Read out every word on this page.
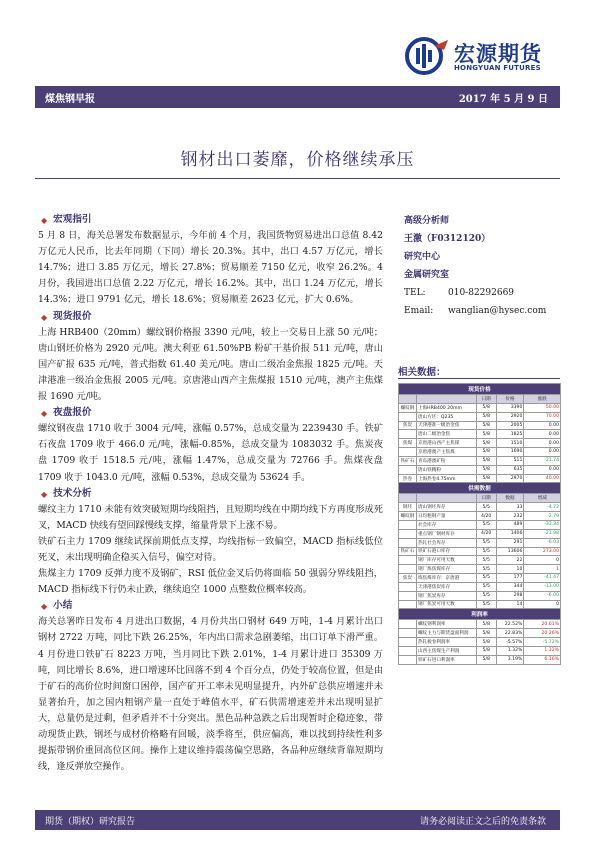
宏源期货
HONGYUAN FUTURES
煤焦钢早报	2017 年 5 月 9 日
钢材出口萎靡，价格继续承压
◆ 宏观指引

5 月 8 日，海关总署发布数据显示，今年前 4 个月，我国货物贸易进出口总值 8.42 万亿元人民币，比去年同期（下同）增长 20.3%。其中，出口 4.57 万亿元，增长 14.7%；进口 3.85 万亿元，增长 27.8%；贸易顺差 7150 亿元，收窄 26.2%。4 月份，我国进出口总值 2.22 万亿元，增长 16.2%。其中，出口 1.24 万亿元，增长 14.3%；进口 9791 亿元，增长 18.6%；贸易顺差 2623 亿元，扩大 0.6%。

◆ 现货报价

上海 HRB400（20mm）螺纹钢价格报 3390 元/吨，较上一交易日上涨 50 元/吨；唐山钢坯价格为 2920 元/吨。澳大利亚 61.50%PB 粉矿干基价报 511 元/吨，唐山国产矿报 635 元/吨，普式指数 61.40 美元/吨。唐山二级冶金焦报 1825 元/吨。天津港准一级冶金焦报 2005 元/吨。京唐港山西产主焦煤报 1510 元/吨，澳产主焦煤报 1690 元/吨。

◆ 夜盘报价

螺纹钢夜盘 1710 收于 3004 元/吨，涨幅 0.57%，总成交量为 2239430 手。铁矿石夜盘 1709 收于 466.0 元/吨，涨幅-0.85%，总成交量为 1083032 手。焦炭夜盘 1709 收于 1518.5 元/吨，涨幅 1.47%，总成交量为 72766 手。焦煤夜盘 1709 收于 1043.0 元/吨，涨幅 0.53%，总成交量为 53624 手。

◆ 技术分析

螺纹主力 1710 未能有效突破短期均线阻挡，且短期均线在中期均线下方再度形成死叉，MACD 快线有望回踩慢线支撑，缩量背景下上涨不易。

铁矿石主力 1709 继续试探前期低点支撑，均线指标一致偏空，MACD 指标线低位死叉，未出现明确企稳买入信号，偏空对待。

焦煤主力 1709 反弹力度不及钢矿，RSI 低位金叉后仍将面临 50 强弱分界线阻挡，MACD 指标线下行仍未止跌，继续追空 1000 点整数位概率较高。

◆ 小结

海关总署昨日发布 4 月进出口数据，4 月份共出口钢材 649 万吨，1-4 月累计出口钢材 2722 万吨，同比下跌 26.25%，年内出口需求急剧萎缩，出口订单下滑严重。4 月份进口铁矿石 8223 万吨，当月同比下跌 2.01%，1-4 月累计进口 35309 万吨，同比增长 8.6%，进口增速环比回落不到 4 个百分点，仍处于较高位置，但是由于矿石的高价位时间窗口困停，国产矿开工率未见明显提升，内外矿总供应增速并未显著抬升，加之国内粗钢产量一直处于峰值水平，矿石供需增速差并未出现明显扩大，总量仍是过剩，但矛盾并不十分突出。黑色品种急跌之后出现暂时企稳迹象，带动现货止跌，钢坯与成材价格略有回暖，淡季将至，供应偏高，难以找到持续性利多提振带钢价重回高位区间。操作上建议维持震荡偏空思路，各品种应继续背靠短期均线，逢反弹放空操作。

高级分析师
王激（F0312120）
研究中心
金属研究室
TEL:	010-82292669
Email:	wanglian@hysec.com
相关数据：
现货价格				
		日期	价格	涨跌
螺纹钢	上海HRB400 20mm	5/8	3390	50.00
	唐山方坯：Q235	5/8	2920	70.00
焦炭	天津港准一级冶金焦	5/8	2005	0.00
	唐山二级冶金焦	5/8	1825	0.00
焦煤	京唐港山西产主焦煤	5/8	1510	0.00
	京唐港澳产主焦煤	5/8	1690	0.00
铁矿石	青岛港澳矿粉	5/8	511	-21.74
	唐山铁精粉	5/8	635	0.00
热卷	上海热卷4.75mm	5/8	2970	40.00
供需数据				
		日期	数据	增减
钢坯	唐山钢坯库存	5/5	33	-4.72
螺纹钢	日均粗钢产量	4/20	232	-2.79
	社会库存	5/5	489	-33.34
	重点钢厂钢材库存	4/20	1406	-21.98
	热轧社会库存	5/5	291	-6.03
铁矿石	铁矿石港口库存	5/5	13606	273.00
	钢厂库存可用天数	5/5	22	0
	钢厂炼焦煤库存	5/5	10	1
焦炭	炼焦煤库存：京唐港	5/5	177	-41.47
	天津港焦炭库存	5/5	344	-13.00
	钢厂焦炭库存	5/5	298	-6.00
	钢厂焦炭可用天数	5/5	14	0
利润率				
	螺纹钢利润率	5/8	22.52%	20.61%
	螺纹主力与期货盘面利润	5/8	22.83%	20.26%
	热轧板卷利润率	5/8	-5.57%	-5.72%
	山西主焦煤生产利润	5/8	1.32%	1.32%
	铁矿石进口利润率	5/8	3.19%	6.16%
期货（期权）研究报告	请务必阅读正文之后的免责条款
